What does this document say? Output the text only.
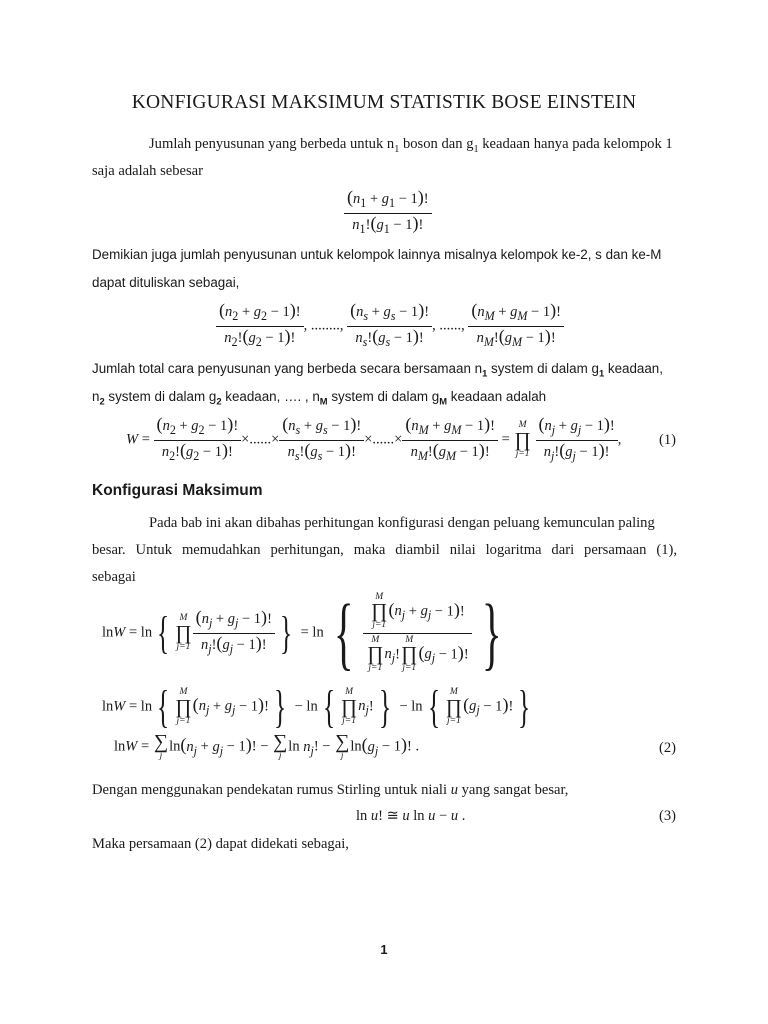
KONFIGURASI MAKSIMUM STATISTIK BOSE EINSTEIN
Jumlah penyusunan yang berbeda untuk $n_1$ boson dan $g_1$ keadaan hanya pada kelompok 1
saja adalah sebesar
$\frac{(n_1 + g_1 - 1)!}{n_1!(g_1 - 1)!}$
Demikian juga jumlah penyusunan untuk kelompok lainnya misalnya kelompok ke-2, s dan ke-M
dapat dituliskan sebagai,
$\frac{(n_2 + g_2 - 1)!}{n_2!(g_2 - 1)!}$ , ........, $\frac{(n_s + g_s - 1)!}{n_s!(g_s - 1)!}$ , ......, $\frac{(n_M + g_M - 1)!}{n_M!(g_M - 1)!}$
Jumlah total cara penyusunan yang berbeda secara bersamaan $n_1$ system di dalam $g_1$ keadaan,
$n_2$ system di dalam $g_2$ keadaan, …. , $n_M$ system di dalam $g_M$ keadaan adalah
$W = \frac{(n_2 + g_2 - 1)!}{n_2!(g_2 - 1)!}$ ×......× $\frac{(n_s + g_s - 1)!}{n_s!(g_s - 1)!}$ ×......× $\frac{(n_M + g_M - 1)!}{n_M!(g_M - 1)!}$ =
M
∏
j=1
$\frac{(n_j + g_j - 1)!}{n_j!(g_j - 1)!}$ ,	(1)
Konfigurasi Maksimum
Pada bab ini akan dibahas perhitungan konfigurasi dengan peluang kemunculan paling
besar. Untuk memudahkan perhitungan, maka diambil nilai logaritma dari persamaan (1),
sebagai
lnW = ln { M
∏
$j=1 \frac{(n_j + g_j - 1)!}{n_j!(g_j - 1)!}$ } = ln { M
∏
j=1
$(n_j + g_j - 1)$!
M
∏
j=1
$n_j$!
M
∏
j=1
$(g_j - 1)$! }
lnW = ln { M
∏
j=1
$(n_j + g_j - 1)$! } − ln { M
∏
j=1
$n_j$! } − ln { M
∏
j=1
$(g_j - 1)$! }
lnW = ∑
j
$\ln(n_j + g_j - 1)$! − ∑
j
$\ln n_j$! − ∑
j
$\ln(g_j - 1)$! .	(2)
Dengan menggunakan pendekatan rumus Stirling untuk niali u yang sangat besar,
ln u! ≅ u ln u − u .	(3)
Maka persamaan (2) dapat didekati sebagai,
1
